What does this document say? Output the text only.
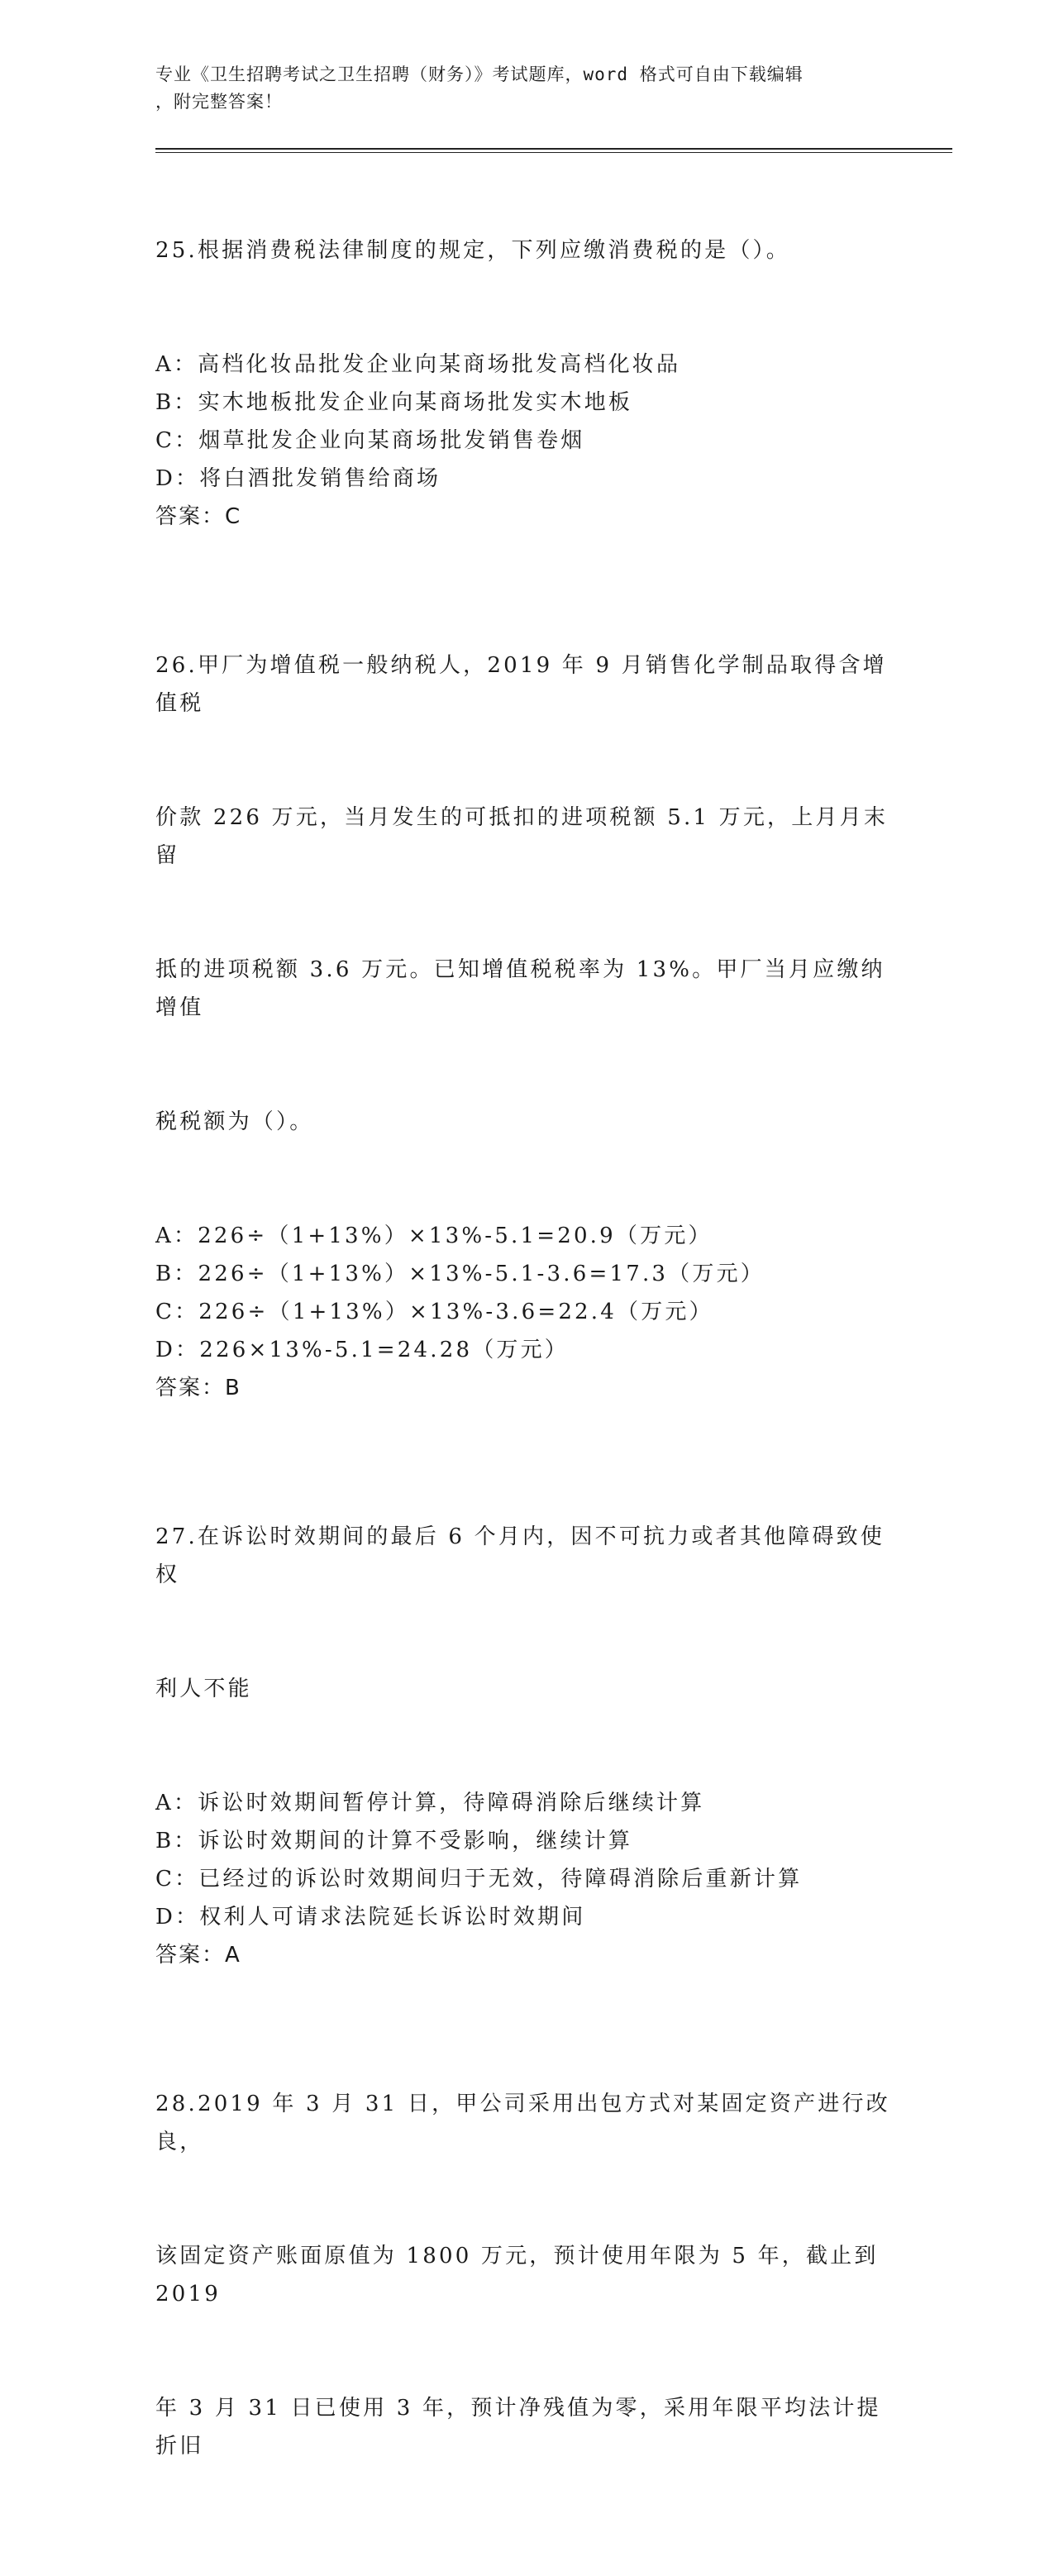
专业《卫生招聘考试之卫生招聘（财务）》考试题库，word 格式可自由下载编辑
，附完整答案！

25.根据消费税法律制度的规定，下列应缴消费税的是（）。

A：高档化妆品批发企业向某商场批发高档化妆品

B：实木地板批发企业向某商场批发实木地板

C：烟草批发企业向某商场批发销售卷烟

D：将白酒批发销售给商场

答案：C

26.甲厂为增值税一般纳税人，2019 年 9 月销售化学制品取得含增值税

价款 226 万元，当月发生的可抵扣的进项税额 5.1 万元，上月月末留

抵的进项税额 3.6 万元。已知增值税税率为 13%。甲厂当月应缴纳增值

税税额为（）。

A：226÷（1+13%）×13%-5.1=20.9（万元）

B：226÷（1+13%）×13%-5.1-3.6=17.3（万元）

C：226÷（1+13%）×13%-3.6=22.4（万元）

D：226×13%-5.1=24.28（万元）

答案：B

27.在诉讼时效期间的最后 6 个月内，因不可抗力或者其他障碍致使权

利人不能

A：诉讼时效期间暂停计算，待障碍消除后继续计算

B：诉讼时效期间的计算不受影响，继续计算

C：已经过的诉讼时效期间归于无效，待障碍消除后重新计算

D：权利人可请求法院延长诉讼时效期间

答案：A

28.2019 年 3 月 31 日，甲公司采用出包方式对某固定资产进行改良，

该固定资产账面原值为 1800 万元，预计使用年限为 5 年，截止到 2019

年 3 月 31 日已使用 3 年，预计净残值为零，采用年限平均法计提折旧
